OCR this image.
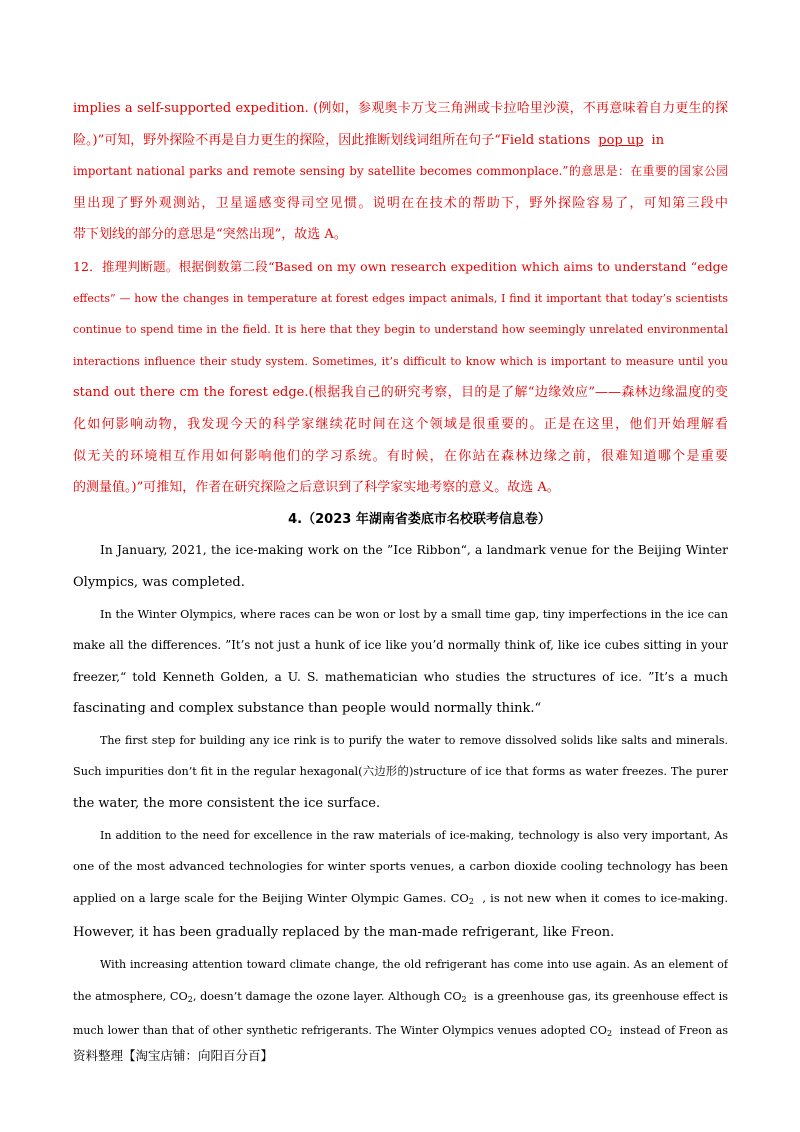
implies a self-supported expedition. (例如，参观奥卡万戈三角洲或卡拉哈里沙漠，不再意味着自力更生的探
险。)”可知，野外探险不再是自力更生的探险，因此推断划线词组所在句子“Field stations pop up in
important national parks and remote sensing by satellite becomes commonplace.”的意思是：在重要的国家公园
里出现了野外观测站，卫星遥感变得司空见惯。说明在在技术的帮助下，野外探险容易了，可知第三段中
带下划线的部分的意思是“突然出现”，故选 A。
12．推理判断题。根据倒数第二段“Based on my own research expedition which aims to understand “edge
effects” — how the changes in temperature at forest edges impact animals, I find it important that today’s scientists
continue to spend time in the field. It is here that they begin to understand how seemingly unrelated environmental
interactions influence their study system. Sometimes, it’s difficult to know which is important to measure until you
stand out there cm the forest edge.(根据我自己的研究考察，目的是了解“边缘效应”——森林边缘温度的变
化如何影响动物，我发现今天的科学家继续花时间在这个领域是很重要的。正是在这里，他们开始理解看
似无关的环境相互作用如何影响他们的学习系统。有时候，在你站在森林边缘之前，很难知道哪个是重要
的测量值。)”可推知，作者在研究探险之后意识到了科学家实地考察的意义。故选 A。
4.（2023 年湖南省娄底市名校联考信息卷）
In January, 2021, the ice-making work on the ”Ice Ribbon“, a landmark venue for the Beijing Winter
Olympics, was completed.
In the Winter Olympics, where races can be won or lost by a small time gap, tiny imperfections in the ice can
make all the differences. ”It’s not just a hunk of ice like you’d normally think of, like ice cubes sitting in your
freezer,“ told Kenneth Golden, a U. S. mathematician who studies the structures of ice. ”It’s a much
fascinating and complex substance than people would normally think.“
The first step for building any ice rink is to purify the water to remove dissolved solids like salts and minerals.
Such impurities don’t fit in the regular hexagonal(六边形的)structure of ice that forms as water freezes. The purer
the water, the more consistent the ice surface.
In addition to the need for excellence in the raw materials of ice-making, technology is also very important, As
one of the most advanced technologies for winter sports venues, a carbon dioxide cooling technology has been
applied on a large scale for the Beijing Winter Olympic Games. $CO_2$  , is not new when it comes to ice-making.
However, it has been gradually replaced by the man-made refrigerant, like Freon.
With increasing attention toward climate change, the old refrigerant has come into use again. As an element of
the atmosphere, $CO_2$, doesn’t damage the ozone layer. Although $CO_2$  is a greenhouse gas, its greenhouse effect is
much lower than that of other synthetic refrigerants. The Winter Olympics venues adopted $CO_2$  instead of Freon as
资料整理【淘宝店铺：向阳百分百】
